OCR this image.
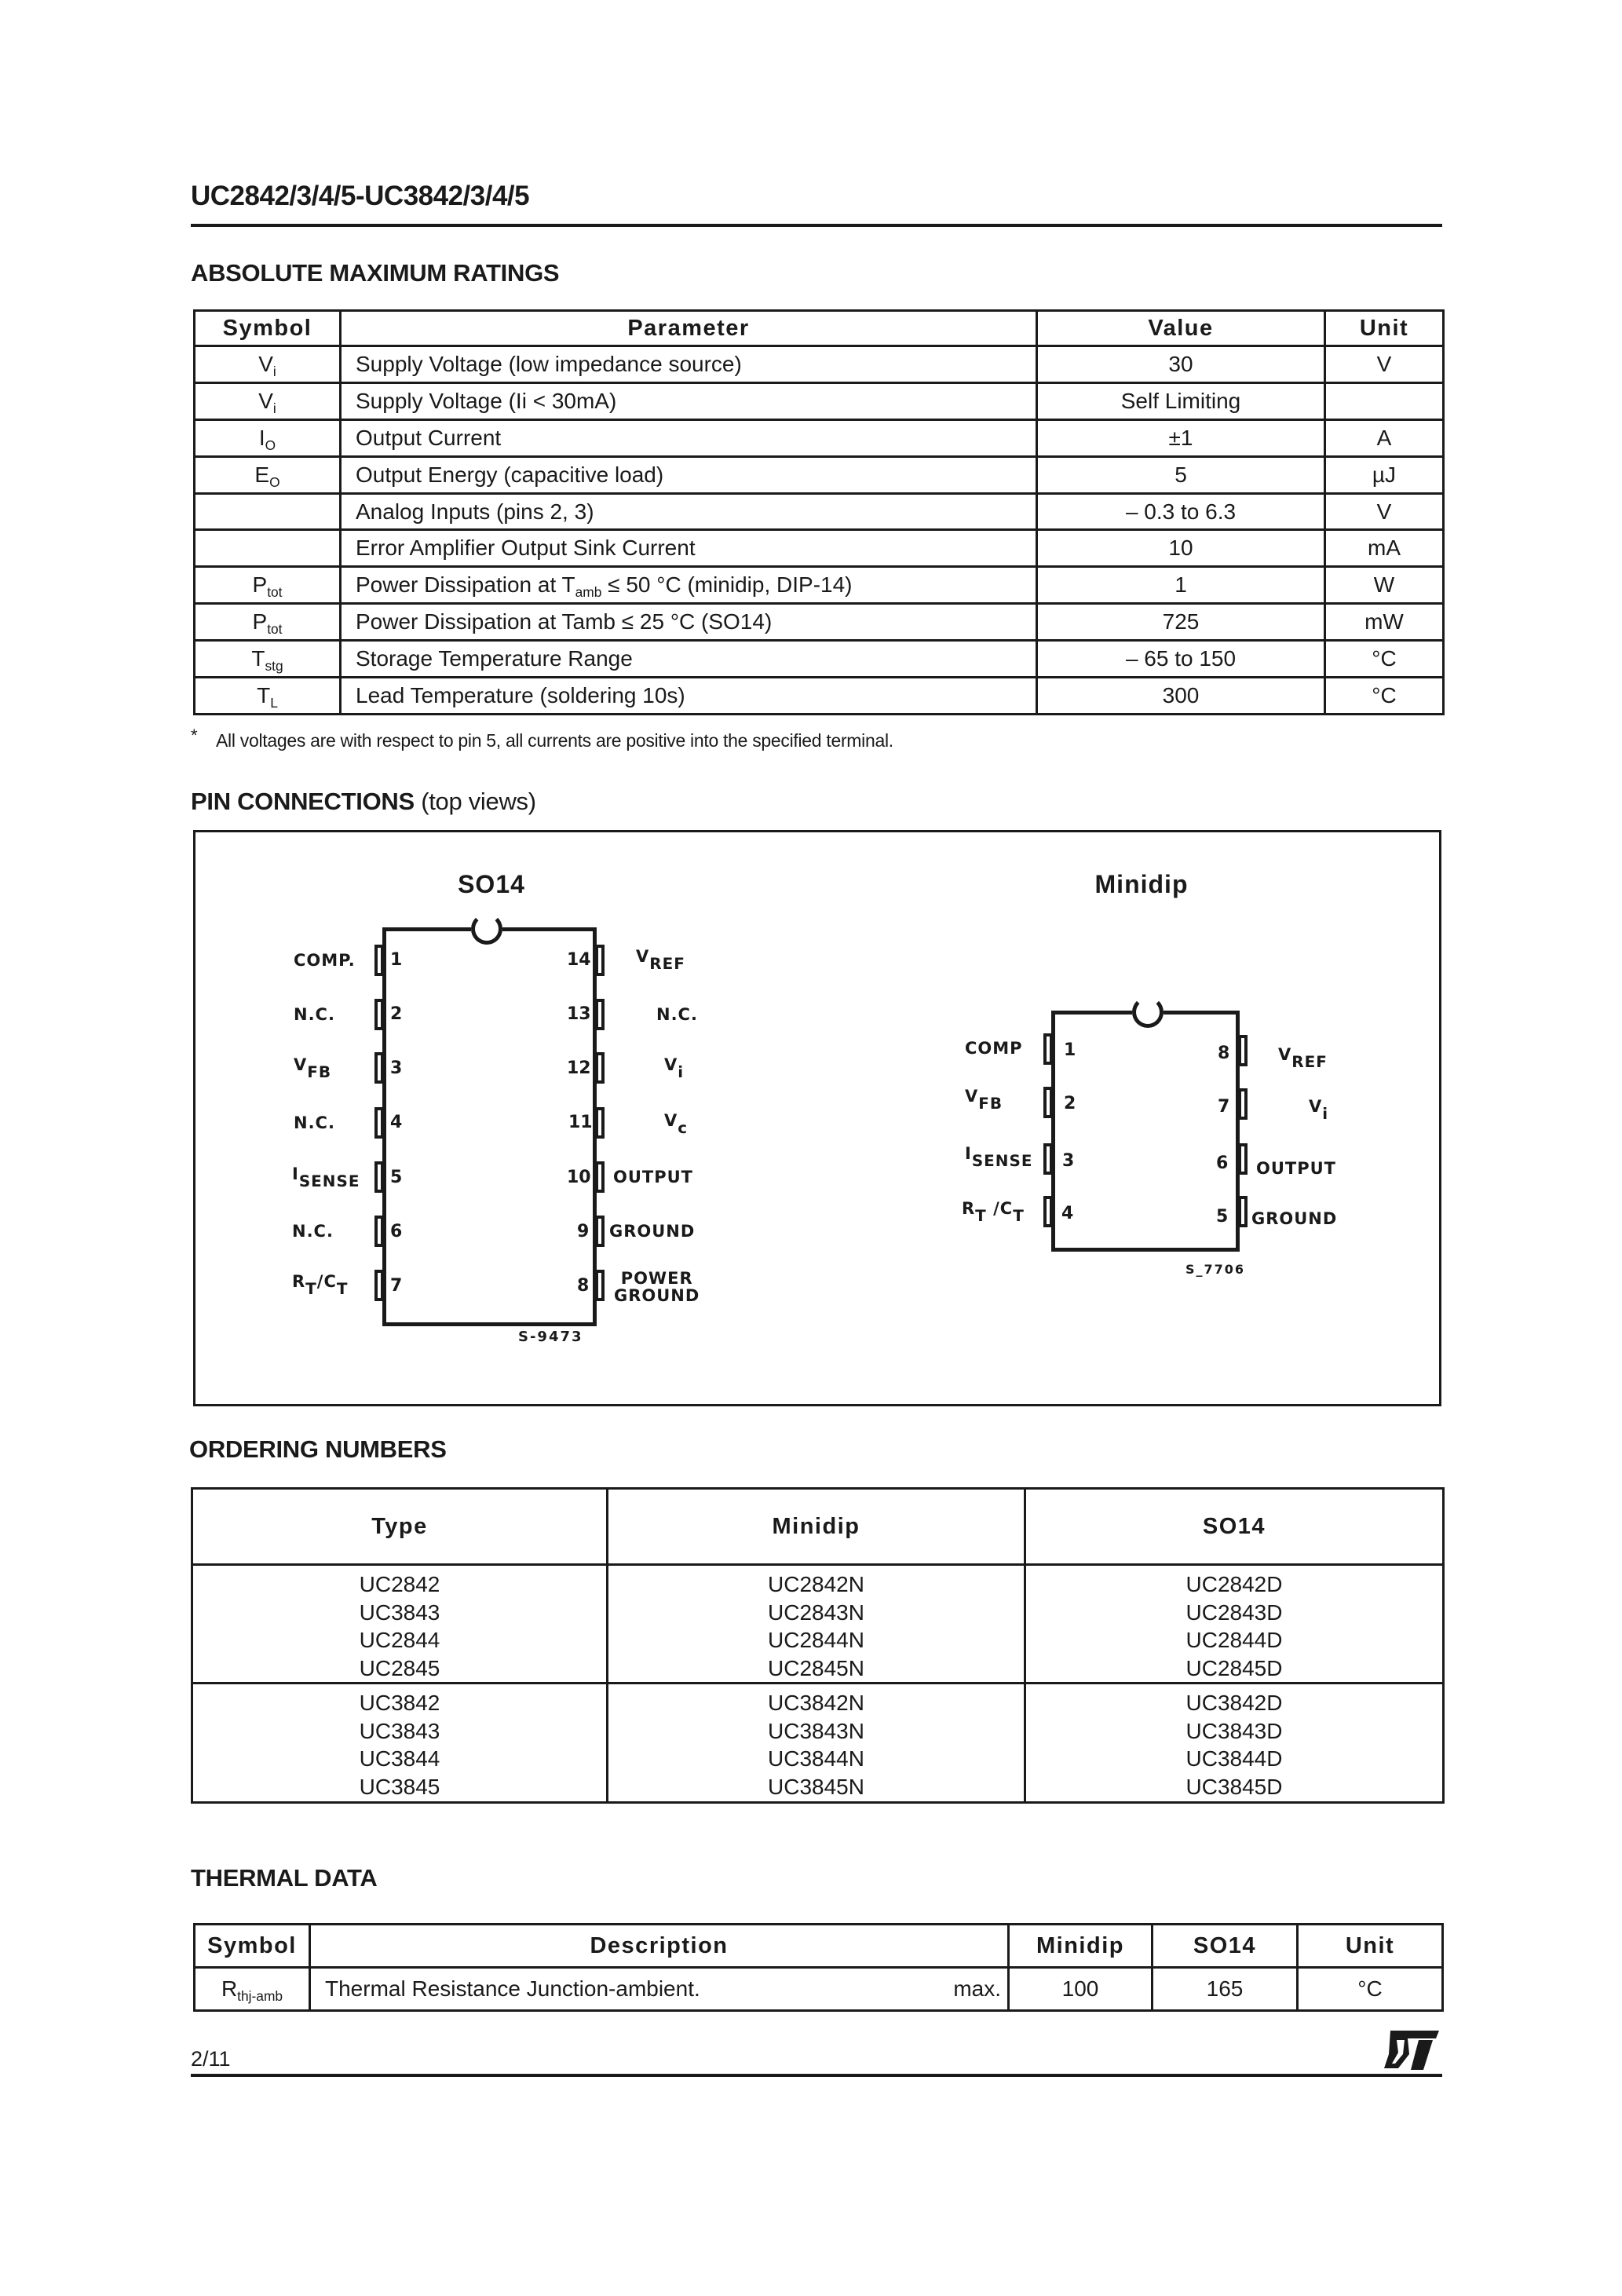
UC2842/3/4/5-UC3842/3/4/5
ABSOLUTE MAXIMUM RATINGS
Symbol	Parameter	Value	Unit
$V_i$	Supply Voltage (low impedance source)	30	V
$V_i$	Supply Voltage (Ii < 30mA)	Self Limiting	
$I_O$	Output Current	±1	A
$E_O$	Output Energy (capacitive load)	5	µJ
	Analog Inputs (pins 2, 3)	– 0.3 to 6.3	V
	Error Amplifier Output Sink Current	10	mA
$P_{tot}$	Power Dissipation at $T_{amb} \le 50$ °C (minidip, DIP-14)	1	W
$P_{tot}$	Power Dissipation at Tamb ≤ 25 °C (SO14)	725	mW
$T_{stg}$	Storage Temperature Range	– 65 to 150	°C
$T_L$	Lead Temperature (soldering 10s)	300	°C
* All voltages are with respect to pin 5, all currents are positive into the specified terminal.
PIN CONNECTIONS (top views)
SO14
1
2
3
4
5
6
7
14
13
12
11
10
9
8
COMP.
N.C.
$V_{FB}$
N.C.
$I_{SENSE}$
N.C.
$R_T/C_T$
$V_{REF}$
N.C.
$V_i$
$V_c$
OUTPUT
GROUND
POWER
GROUND
S-9473
Minidip
1
2
3
4
8
7
6
5
COMP
$V_{FB}$
$I_{SENSE}$
$R_T$ $/C_T$
$V_{REF}$
$V_i$
OUTPUT
GROUND
S_7706
ORDERING NUMBERS
Type	Minidip	SO14

UC2842
UC3843
UC2844
UC2845	UC2842N
UC2843N
UC2844N
UC2845N	UC2842D
UC2843D
UC2844D
UC2845D

UC3842
UC3843
UC3844
UC3845	UC3842N
UC3843N
UC3844N
UC3845N	UC3842D
UC3843D
UC3844D
UC3845D
THERMAL DATA
Symbol	Description	Minidip	SO14	Unit
$R_{thj-amb}$	Thermal Resistance Junction-ambient. max.	100	165	°C
2/11
